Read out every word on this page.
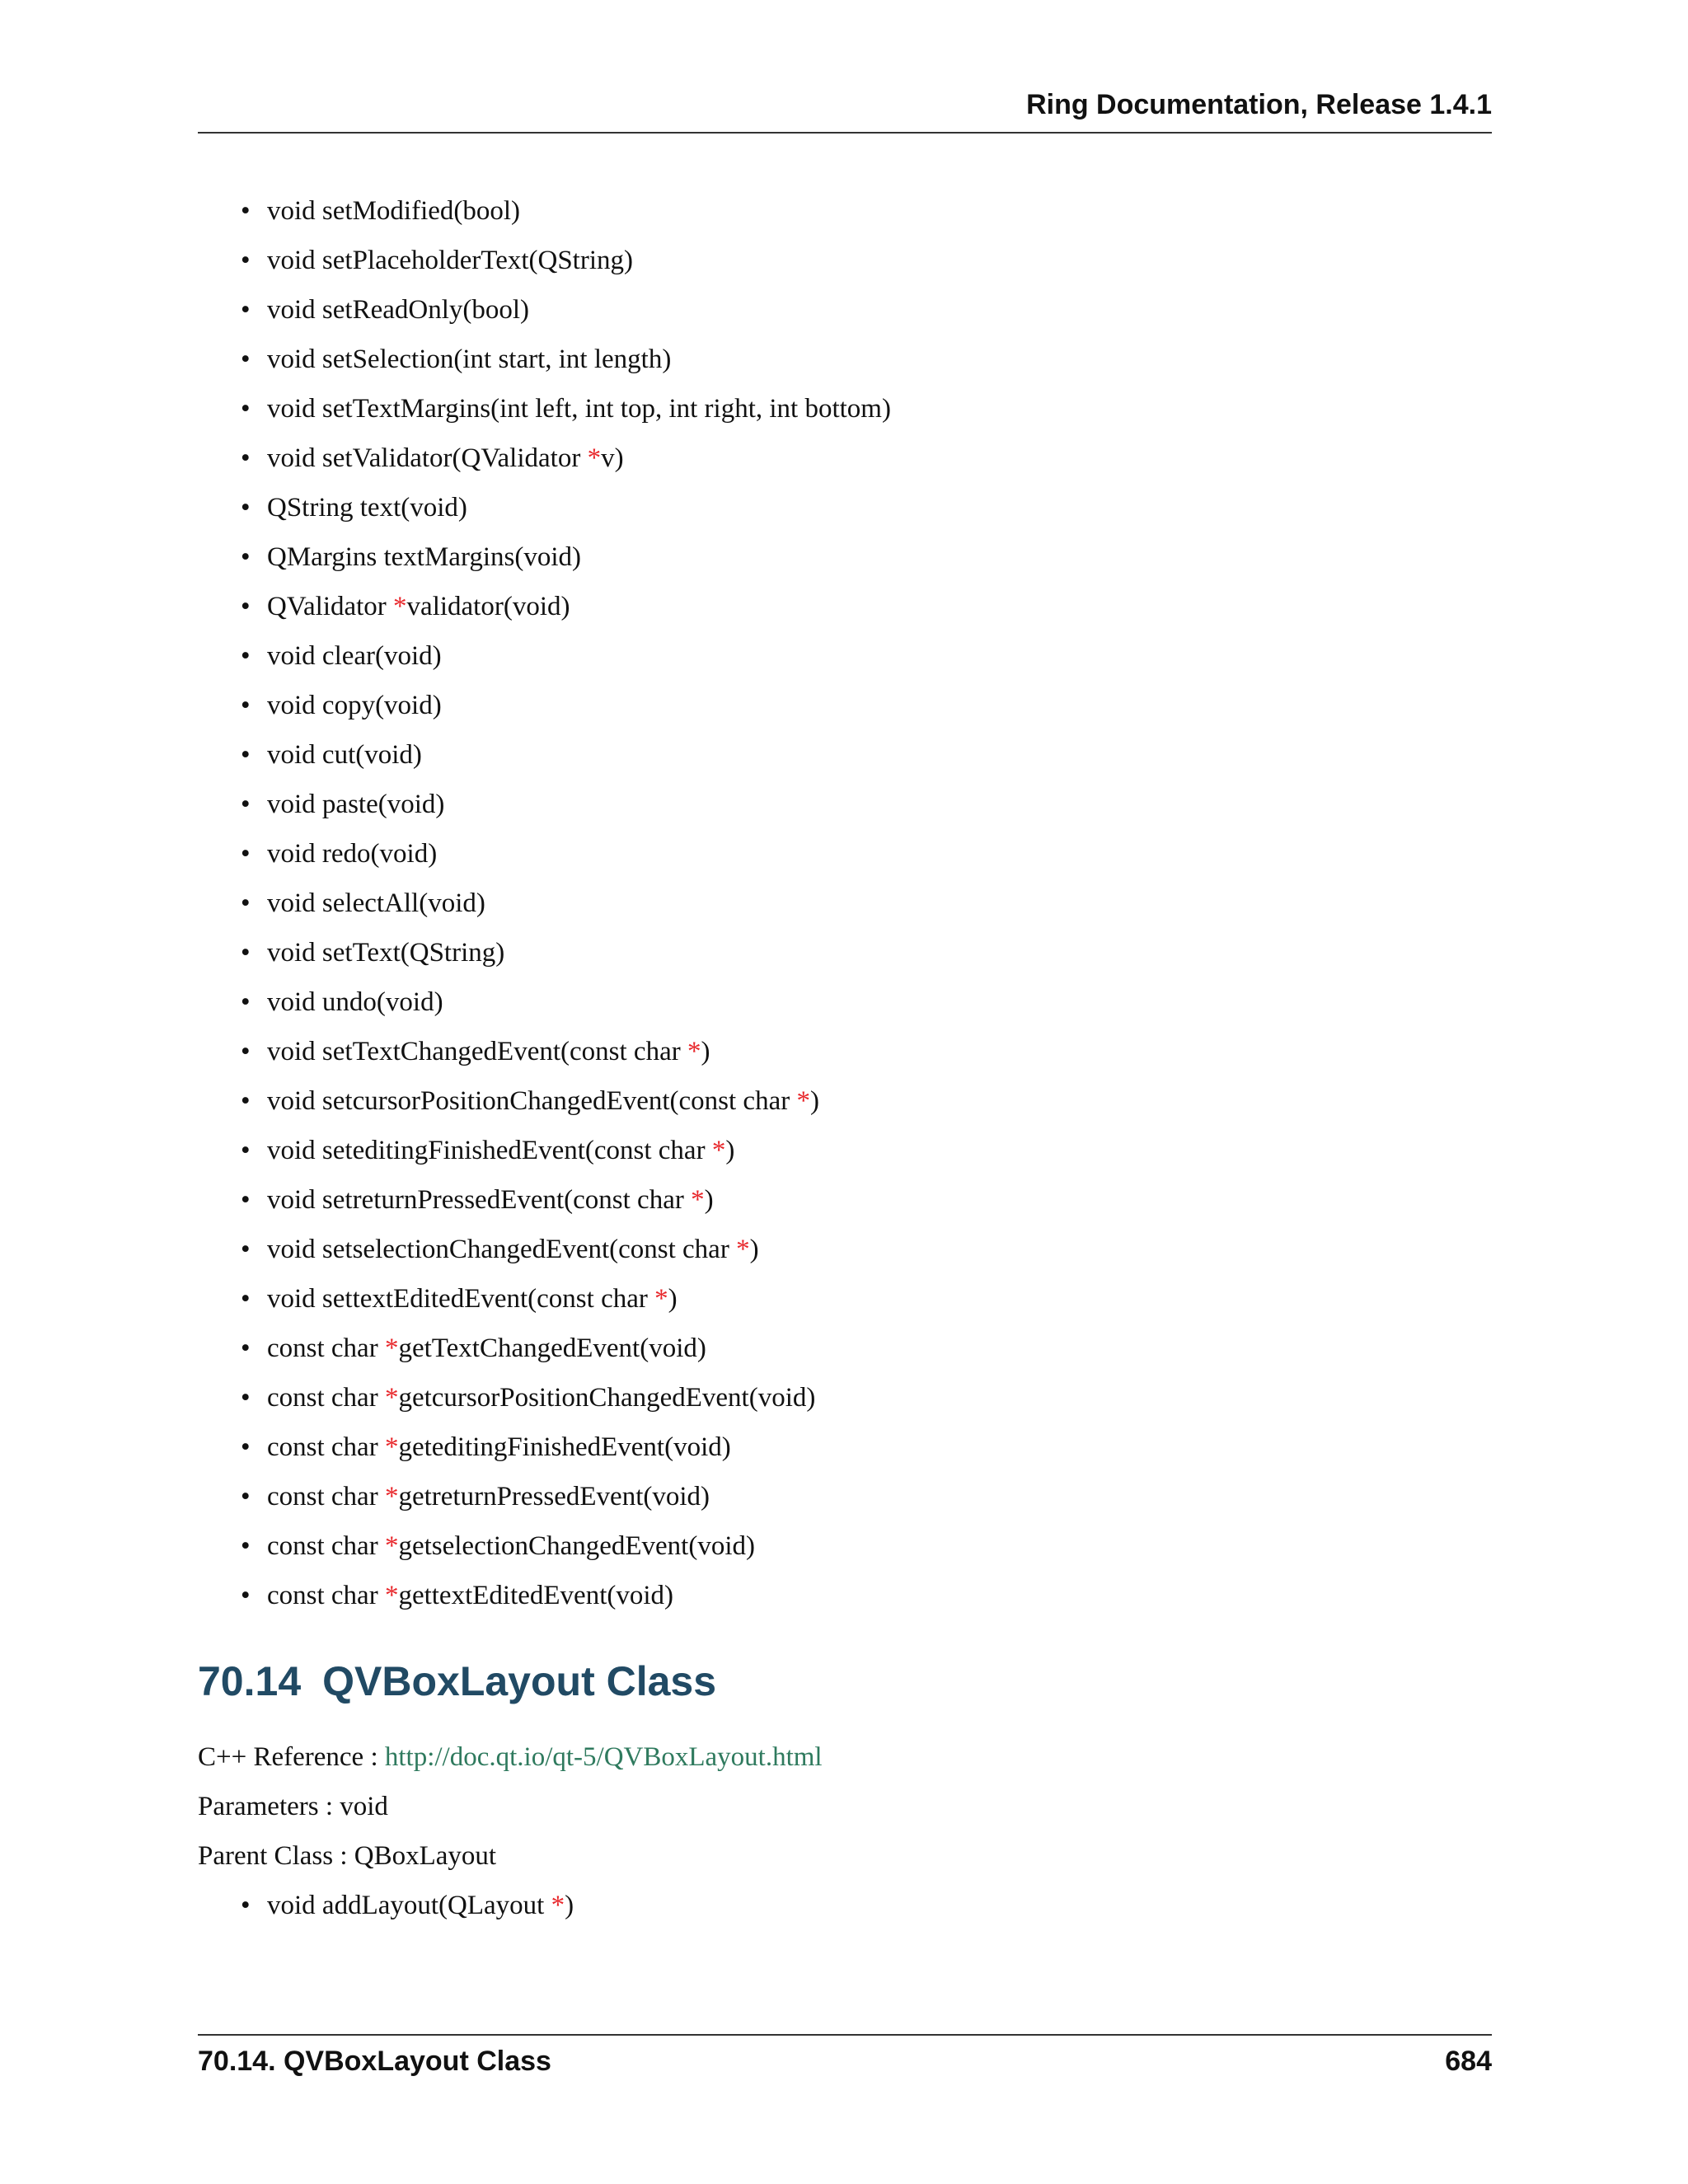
Ring Documentation, Release 1.4.1
• void setModified(bool)
• void setPlaceholderText(QString)
• void setReadOnly(bool)
• void setSelection(int start, int length)
• void setTextMargins(int left, int top, int right, int bottom)
• void setValidator(QValidator *v)
• QString text(void)
• QMargins textMargins(void)
• QValidator *validator(void)
• void clear(void)
• void copy(void)
• void cut(void)
• void paste(void)
• void redo(void)
• void selectAll(void)
• void setText(QString)
• void undo(void)
• void setTextChangedEvent(const char *)
• void setcursorPositionChangedEvent(const char *)
• void seteditingFinishedEvent(const char *)
• void setreturnPressedEvent(const char *)
• void setselectionChangedEvent(const char *)
• void settextEditedEvent(const char *)
• const char *getTextChangedEvent(void)
• const char *getcursorPositionChangedEvent(void)
• const char *geteditingFinishedEvent(void)
• const char *getreturnPressedEvent(void)
• const char *getselectionChangedEvent(void)
• const char *gettextEditedEvent(void)
70.14 QVBoxLayout Class
C++ Reference : http://doc.qt.io/qt-5/QVBoxLayout.html
Parameters : void
Parent Class : QBoxLayout
• void addLayout(QLayout *)
70.14. QVBoxLayout Class	684
